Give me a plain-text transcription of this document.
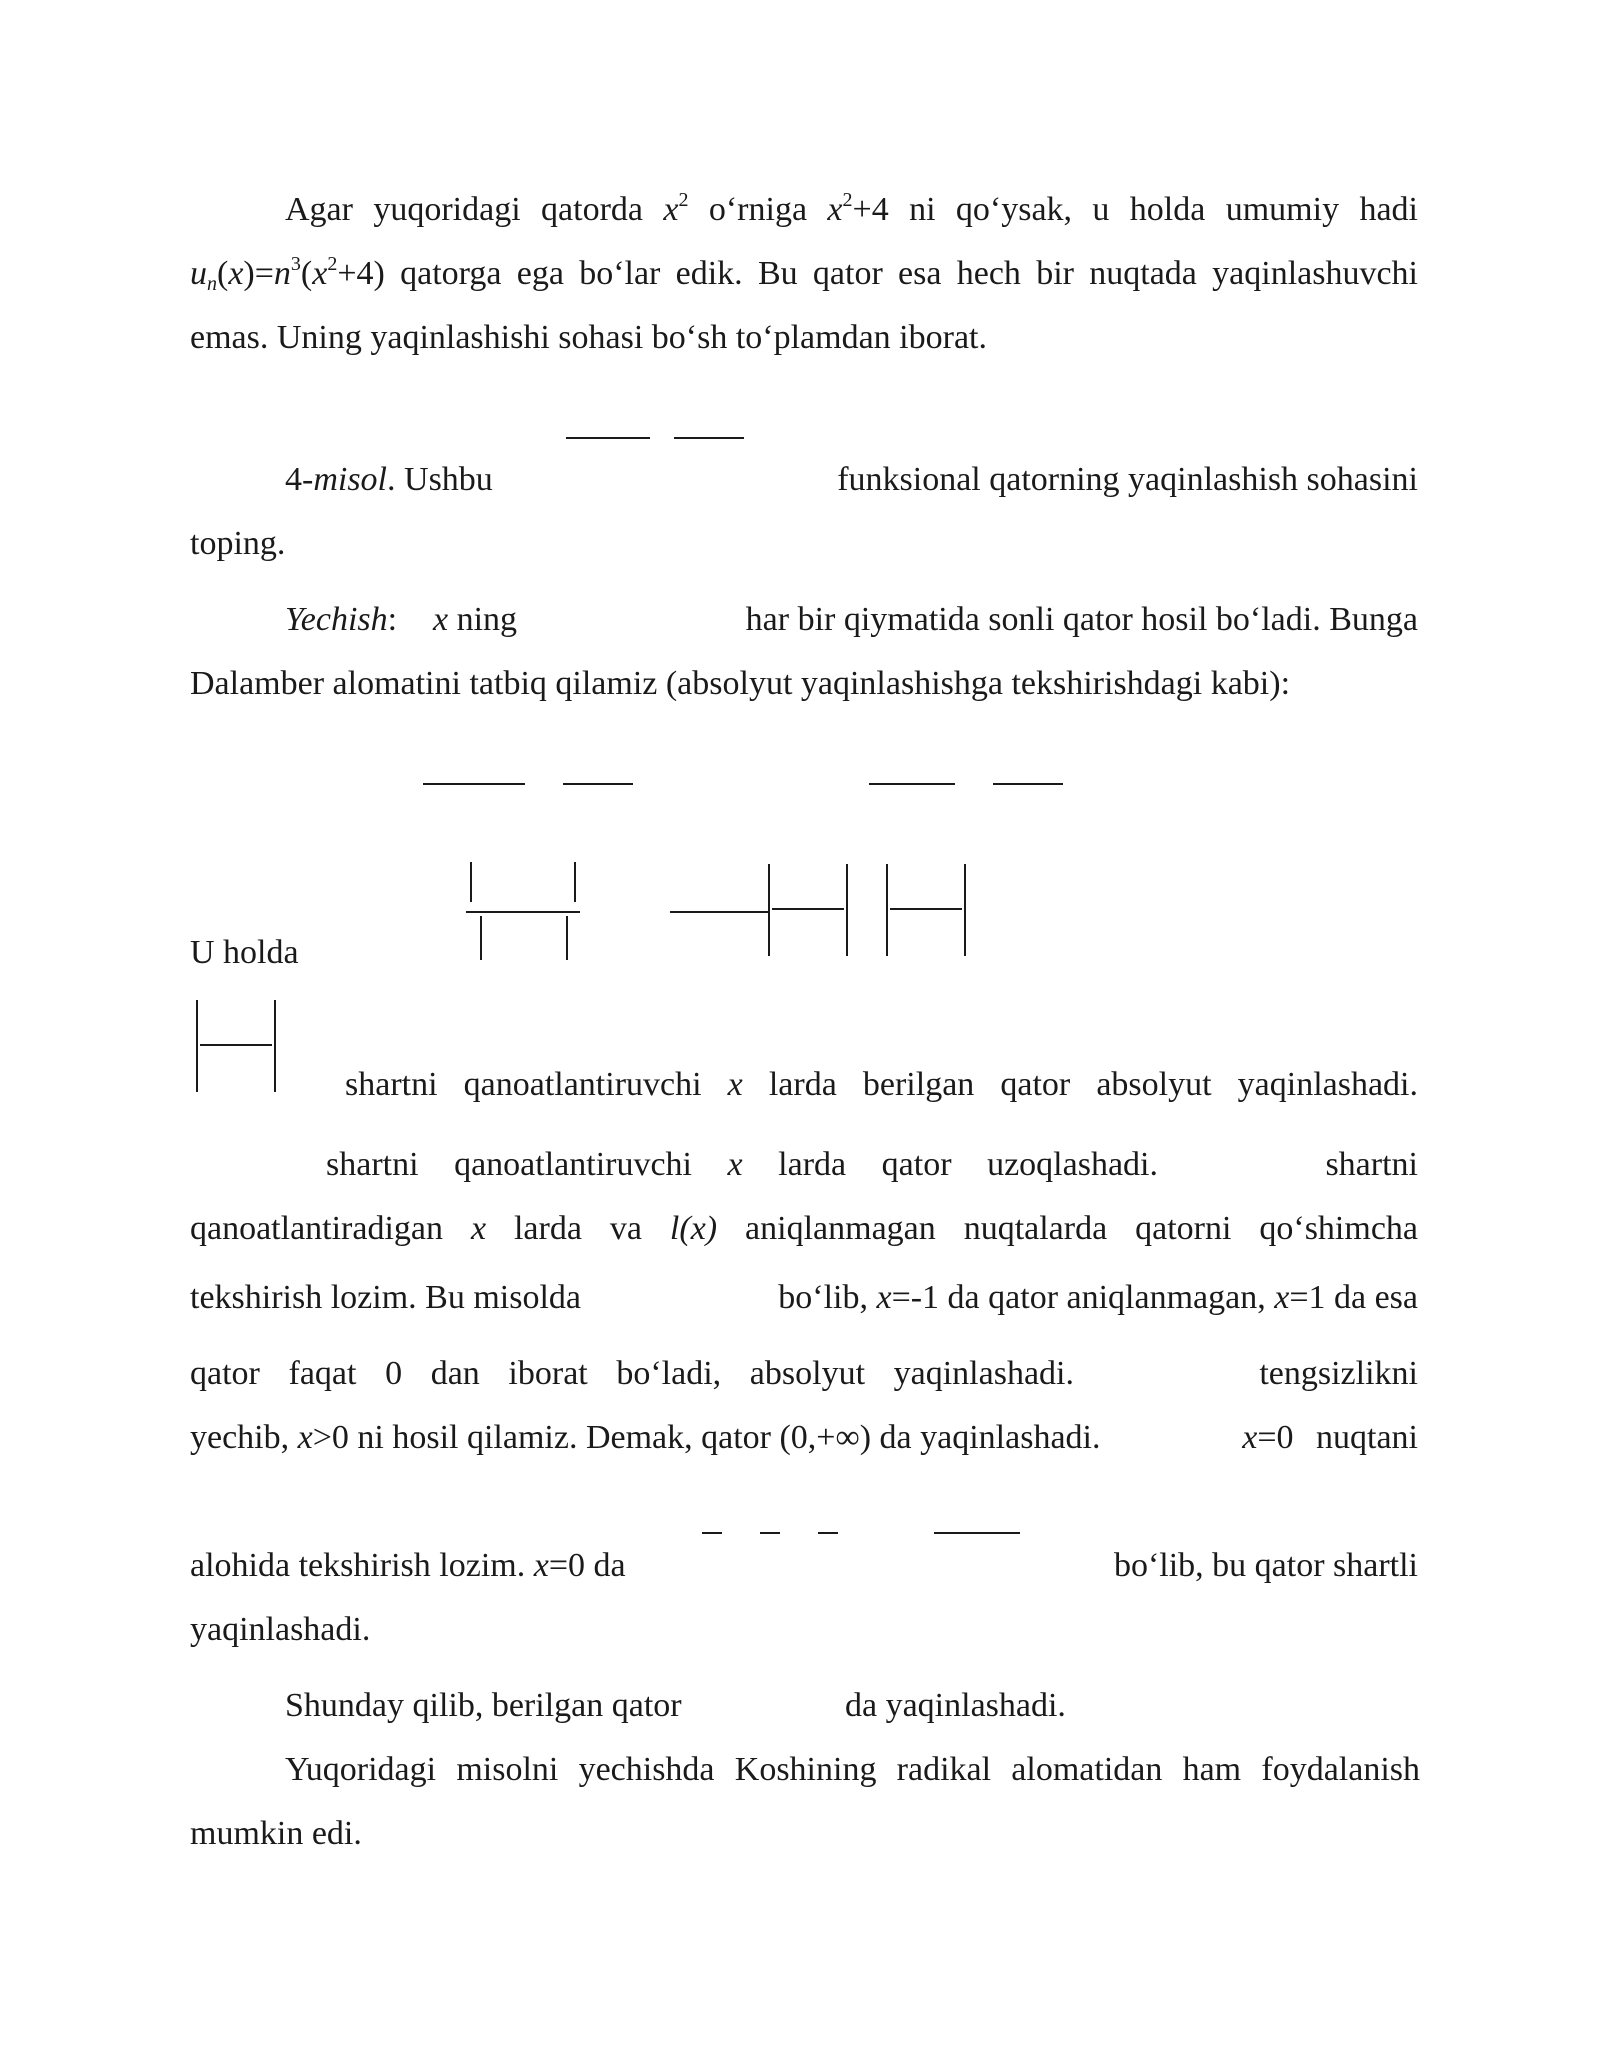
Agar yuqoridagi qatorda $x^2$ o‘rniga $x^2+4$ ni qo‘ysak, u holda umumiy hadi
$u_n(x)=n^3(x^2+4)$ qatorga ega bo‘lar edik. Bu qator esa hech bir nuqtada yaqinlashuvchi
emas. Uning yaqinlashishi sohasi bo‘sh to‘plamdan iborat.
4-misol. Ushbu	funksional qatorning yaqinlashish sohasini
toping.
Yechish: x ning	har bir qiymatida sonli qator hosil bo‘ladi. Bunga
Dalamber alomatini tatbiq qilamiz (absolyut yaqinlashishga tekshirishdagi kabi):
U holda
shartni qanoatlantiruvchi x larda berilgan qator absolyut yaqinlashadi.
shartni qanoatlantiruvchi x larda qator uzoqlashadi.	shartni
qanoatlantiradigan x larda va l(x) aniqlanmagan nuqtalarda qatorni qo‘shimcha
tekshirish lozim. Bu misolda	bo‘lib, x=-1 da qator aniqlanmagan, x=1 da esa
qator faqat 0 dan iborat bo‘ladi, absolyut yaqinlashadi.	tengsizlikni
yechib, x>0 ni hosil qilamiz. Demak, qator (0,+∞) da yaqinlashadi.	x=0 nuqtani
alohida tekshirish lozim. x=0 da	bo‘lib, bu qator shartli
yaqinlashadi.
Shunday qilib, berilgan qator	da yaqinlashadi.
Yuqoridagi misolni yechishda Koshining radikal alomatidan ham foydalanish
mumkin edi.
